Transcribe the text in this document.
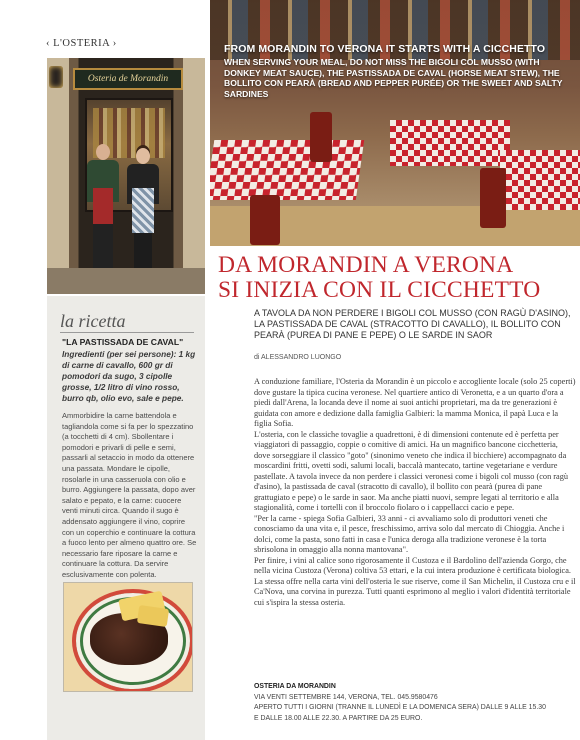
‹ L'OSTERIA ›
Osteria de Morandin
FROM MORANDIN TO VERONA IT STARTS WITH A CICCHETTO
WHEN SERVING YOUR MEAL, DO NOT MISS THE BIGOLI COL MUSSO (WITH DONKEY MEAT SAUCE), THE PASTISSADA DE CAVAL (HORSE MEAT STEW), THE BOLLITO CON PEARÀ (BREAD AND PEPPER PURÉE) OR THE SWEET AND SALTY SARDINES
DA MORANDIN A VERONA
SI INIZIA CON IL CICCHETTO
A TAVOLA DA NON PERDERE I BIGOLI COL MUSSO (CON RAGÙ D'ASINO), LA PASTISSADA DE CAVAL (STRACOTTO DI CAVALLO), IL BOLLITO CON PEARÀ (PUREA DI PANE E PEPE) O LE SARDE IN SAOR
di ALESSANDRO LUONGO

A conduzione familiare, l'Osteria da Morandin è un piccolo e accogliente locale (solo 25 coperti) dove gustare la tipica cucina veronese. Nel quartiere antico di Veronetta, e a un quarto d'ora a piedi dall'Arena, la locanda deve il nome ai suoi antichi proprietari, ma da tre generazioni è guidata con amore e dedizione dalla famiglia Galbieri: la mamma Monica, il papà Luca e la figlia Sofia.

L'osteria, con le classiche tovaglie a quadrettoni, è di dimensioni contenute ed è perfetta per viaggiatori di passaggio, coppie o comitive di amici. Ha un magnifico bancone cicchetteria, dove sorseggiare il classico "goto" (sinonimo veneto che indica il bicchiere) accompagnato da moscardini fritti, ovetti sodi, salumi locali, baccalà mantecato, tartine vegetariane e verdure pastellate. A tavola invece da non perdere i classici veronesi come i bigoli col musso (con ragù d'asino), la pastissada de caval (stracotto di cavallo), il bollito con pearà (purea di pane grattugiato e pepe) o le sarde in saor. Ma anche piatti nuovi, sempre legati al territorio e alla stagionalità, come i tortelli con il broccolo fiolaro o i cappellacci cacio e pepe.

"Per la carne - spiega Sofia Galbieri, 33 anni - ci avvaliamo solo di produttori veneti che conosciamo da una vita e, il pesce, freschissimo, arriva solo dal mercato di Chioggia. Anche i dolci, come la pasta, sono fatti in casa e l'unica deroga alla tradizione veronese è la torta sbrisolona in omaggio alla nonna mantovana".

Per finire, i vini al calice sono rigorosamente il Custoza e il Bardolino dell'azienda Gorgo, che nella vicina Custoza (Verona) coltiva 53 ettari, e la cui intera produzione è certificata biologica. La stessa offre nella carta vini dell'osteria le sue riserve, come il San Michelin, il Custoza cru e il Ca'Nova, una corvina in purezza. Tutti quanti esprimono al meglio i valori d'identità territoriale cui s'ispira la stessa osteria.

OSTERIA DA MORANDIN
VIA VENTI SETTEMBRE 144, VERONA, TEL. 045.9580476
APERTO TUTTI I GIORNI (TRANNE IL LUNEDÌ E LA DOMENICA SERA) DALLE 9 ALLE 15.30
E DALLE 18.00 ALLE 22.30. A PARTIRE DA 25 EURO.
la ricetta
"LA PASTISSADA DE CAVAL"
Ingredienti (per sei persone): 1 kg di carne di cavallo, 600 gr di pomodori da sugo, 3 cipolle grosse, 1/2 litro di vino rosso, burro qb, olio evo, sale e pepe.
Ammorbidire la carne battendola e tagliandola come si fa per lo spezzatino (a tocchetti di 4 cm). Sbollentare i pomodori e privarli di pelle e semi, passarli al setaccio in modo da ottenere una passata. Mondare le cipolle, rosolarle in una casseruola con olio e burro. Aggiungere la passata, dopo aver salato e pepato, e la carne: cuocere venti minuti circa. Quando il sugo è addensato aggiungere il vino, coprire con un coperchio e continuare la cottura a fuoco lento per almeno quattro ore. Se necessario fare riposare la carne e continuare la cottura. Da servire esclusivamente con polenta.
